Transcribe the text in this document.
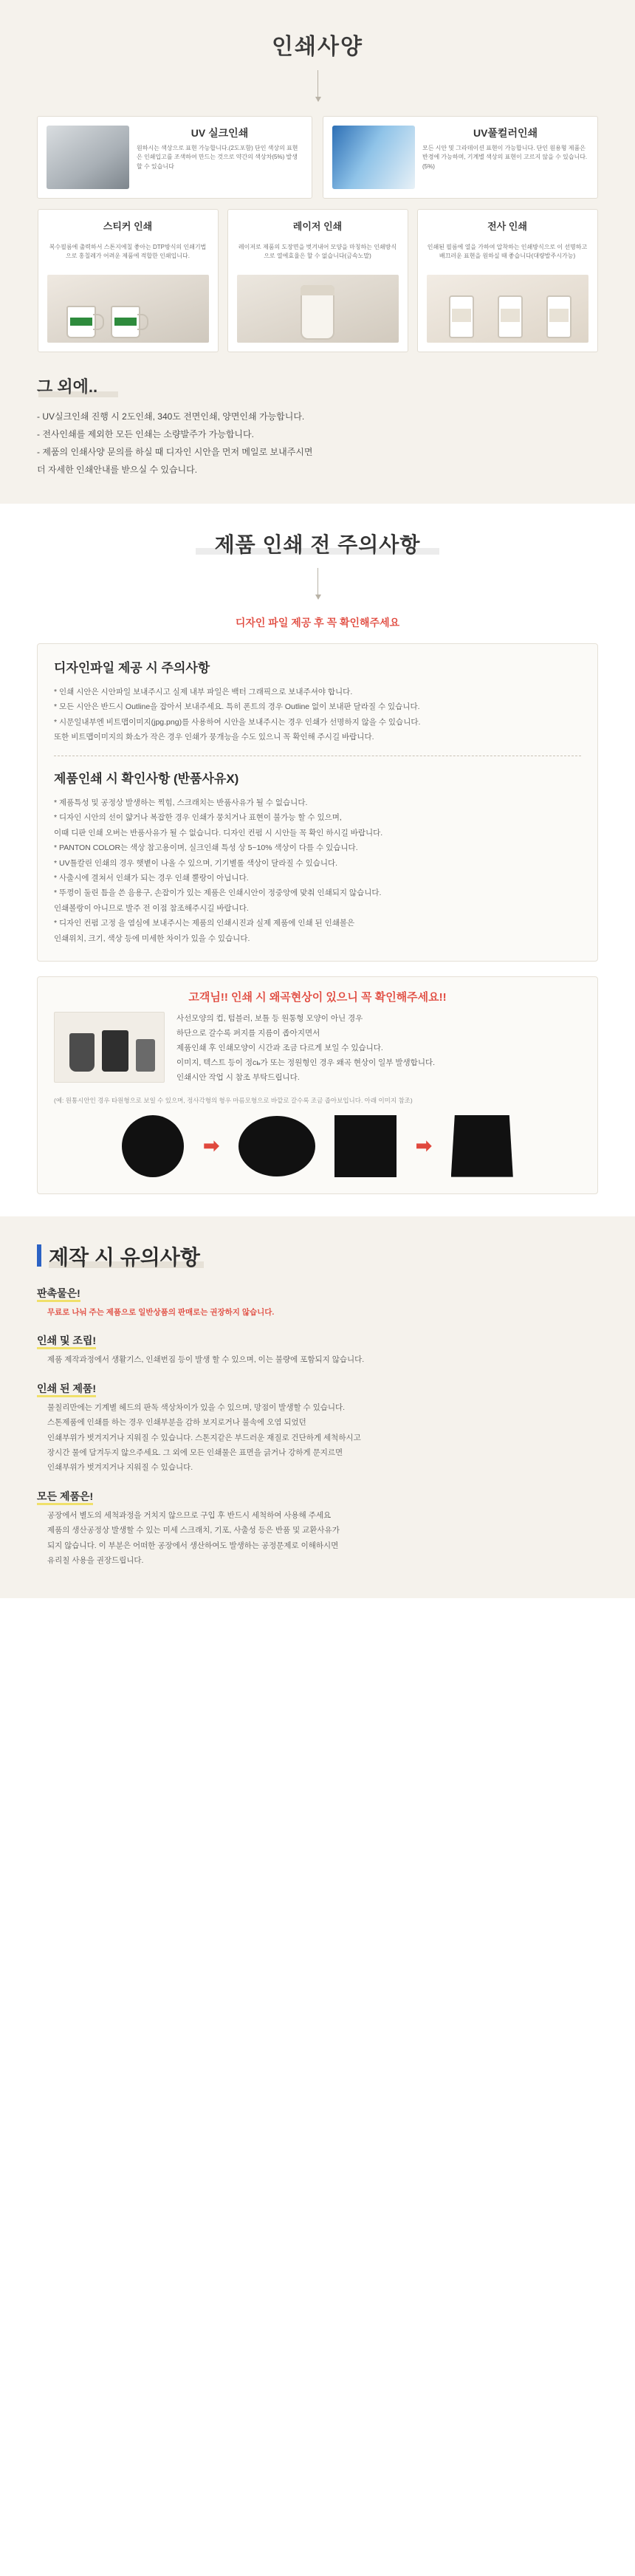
인쇄사양
UV 실크인쇄
원하시는 색상으로 표현 가능합니다.(2도포함) 단인 색상의 표현은 인쇄입고를 조색하여 만드는 것으로 약간의 색상차(5%) 발생할 수 있습니다
UV풀컬러인쇄
모든 시안 및 그라데이션 표현이 가능합니다. 단인 원용형 제품은 반경에 가능하며, 기계별 색상의 표현이 고르지 않을 수 있습니다.(5%)
스티커 인쇄
복수필름에 출력하서 스톤지에칠 좋아는 DTP방식의 인쇄기법으로 홍칠레가 어려운 제품에 적합한 인쇄입니다.
레이저 인쇄
레이저로 제품의 도장면을 벗겨내어 모양을 마칭하는 인쇄방식으로 열에효율은 할 수 없습니다(금속노말)
전사 인쇄
인쇄된 필름에 열을 가하여 압착하는 인쇄방식으로 이 선명하고 배끄러운 표현을 원하실 때 좋습니다(대량발주시가능)
그 외에..
- UV실크인쇄 진행 시 2도인쇄, 340도 전면인쇄, 양면인쇄 가능합니다.
- 전사인쇄를 제외한 모든 인쇄는 소량발주가 가능합니다.
- 제품의 인쇄사양 문의를 하실 때 디자인 시안을 먼저 메일로 보내주시면
더 자세한 인쇄안내를 받으실 수 있습니다.
제품 인쇄 전 주의사항
디자인 파일 제공 후 꼭 확인해주세요
디자인파일 제공 시 주의사항
* 인쇄 시안은 시안파일 보내주시고 실제 내부 파일은 백터 그래픽으로 보내주셔야 합니다.
* 모든 시안은 반드시 Outline을 잡아서 보내주세요. 특히 폰트의 경우 Outline 없이 보내판 달라질 수 있습니다.
* 시문일내부엔 비트맵이미지(jpg.png)를 사용하여 시안을 보내주시는 경우 인쇄가 선명하지 않을 수 있습니다.
또한 비트맵이미지의 화소가 작은 경우 인쇄가 뭉개능을 수도 있으니 꼭 확인해 주시길 바랍니다.
제품인쇄 시 확인사항 (반품사유X)
* 제품특성 및 공정상 발생하는 찍힘, 스크래치는 반품사유가 될 수 없습니다.
* 디자인 시안의 선이 얇거나 복잡한 경우 인쇄가 뭉치거나 표현이 불가능 할 수 있으며,
이때 디판 인쇄 오버는 반품사유가 될 수 없습니다. 디자인 컨펌 시 시안들 꼭 확인 하시길 바랍니다.
* PANTON COLOR는 색상 참고용이며, 실크인쇄 특성 상 5~10% 색상이 다를 수 있습니다.
* UV틀칼린 인쇄의 경우 햇볕이 나올 수 있으며, 기기별롤 색상이 달라질 수 있습니다.
* 사출시에 결쳐서 인쇄가 되는 경우 인쇄 뿔랑이 아닙니다.
* 뚜껑이 둘린 틈을 쓴 음용구, 손잡이가 있는 제품은 인쇄시안이 정중앙에 맞춰 인쇄되지 않습니다.
인쇄볼랑이 아니므로 발주 전 이점 참조해주시길 바랍니다.
* 디자인 컨펌 고정 을 염심에 보내주시는 제품의 인쇄시진과 실제 제품에 인쇄 된 인쇄볼은
인쇄위치, 크기, 색상 등에 미세한 차이가 있을 수 있습니다.
고객님!! 인쇄 시 왜곡현상이 있으니 꼭 확인해주세요!!
사선모양의 컵, 텀블러, 보틀 등 원통형 모양이 아닌 경우
하단으로 갈수록 퍼지를 지름이 좁아지면서
제품인쇄 후 인쇄모양이 시간과 조금 다르게 보일 수 있습니다.
이미지, 텍스트 등이 정сь가 또는 정원형인 경우 왜곡 현상이 일부 발생합니다.
인쇄시안 작업 시 참조 부탁드립니다.
(예: 원통시안인 경우 타원형으로 보일 수 있으며, 정사각형의 형우 마름모형으로 바깥로 갈수록 조금 좁아보입니다. 아래 이미지 참조)
➡	➡
제작 시 유의사항
판촉물은!
무료로 나눠 주는 제품으로 일반상품의 판매로는 권장하지 않습니다.
인쇄 및 조립!
제품 제작과정에서 생활기스, 인쇄번짐 등이 발생 할 수 있으며, 이는 불량에 포함되지 않습니다.
인쇄 된 제품!
물칠리만에는 기계별 헤드의 판독 색상차이가 있을 수 있으며, 망점이 발생할 수 있습니다.
스톤제품에 인쇄를 하는 경우 인쇄부분을 감하 보지로거나 불속에 오염 되었던
인쇄부위가 벗겨지거나 지워질 수 있습니다. 스톤지같은 부드러운 재질로 건단하게 세척하시고
장시간 물에 담겨두지 않으주세요. 그 외에 모든 인쇄물은 표면을 긁거나 강하게 문지르면
인쇄부위가 벗겨지거나 지워질 수 있습니다.
모든 제품은!
공장에서 별도의 세척과정을 거치지 않으므로 구입 후 반드시 세척하여 사용해 주세요
제품의 생산공정상 발생할 수 있는 미세 스크래치, 기포, 사출성 등은 반품 및 교환사유가
되지 않습니다. 이 부분은 어떠한 공장에서 생산하여도 발생하는 공정문제로 이해하시면
유리칠 사용을 권장드립니다.
